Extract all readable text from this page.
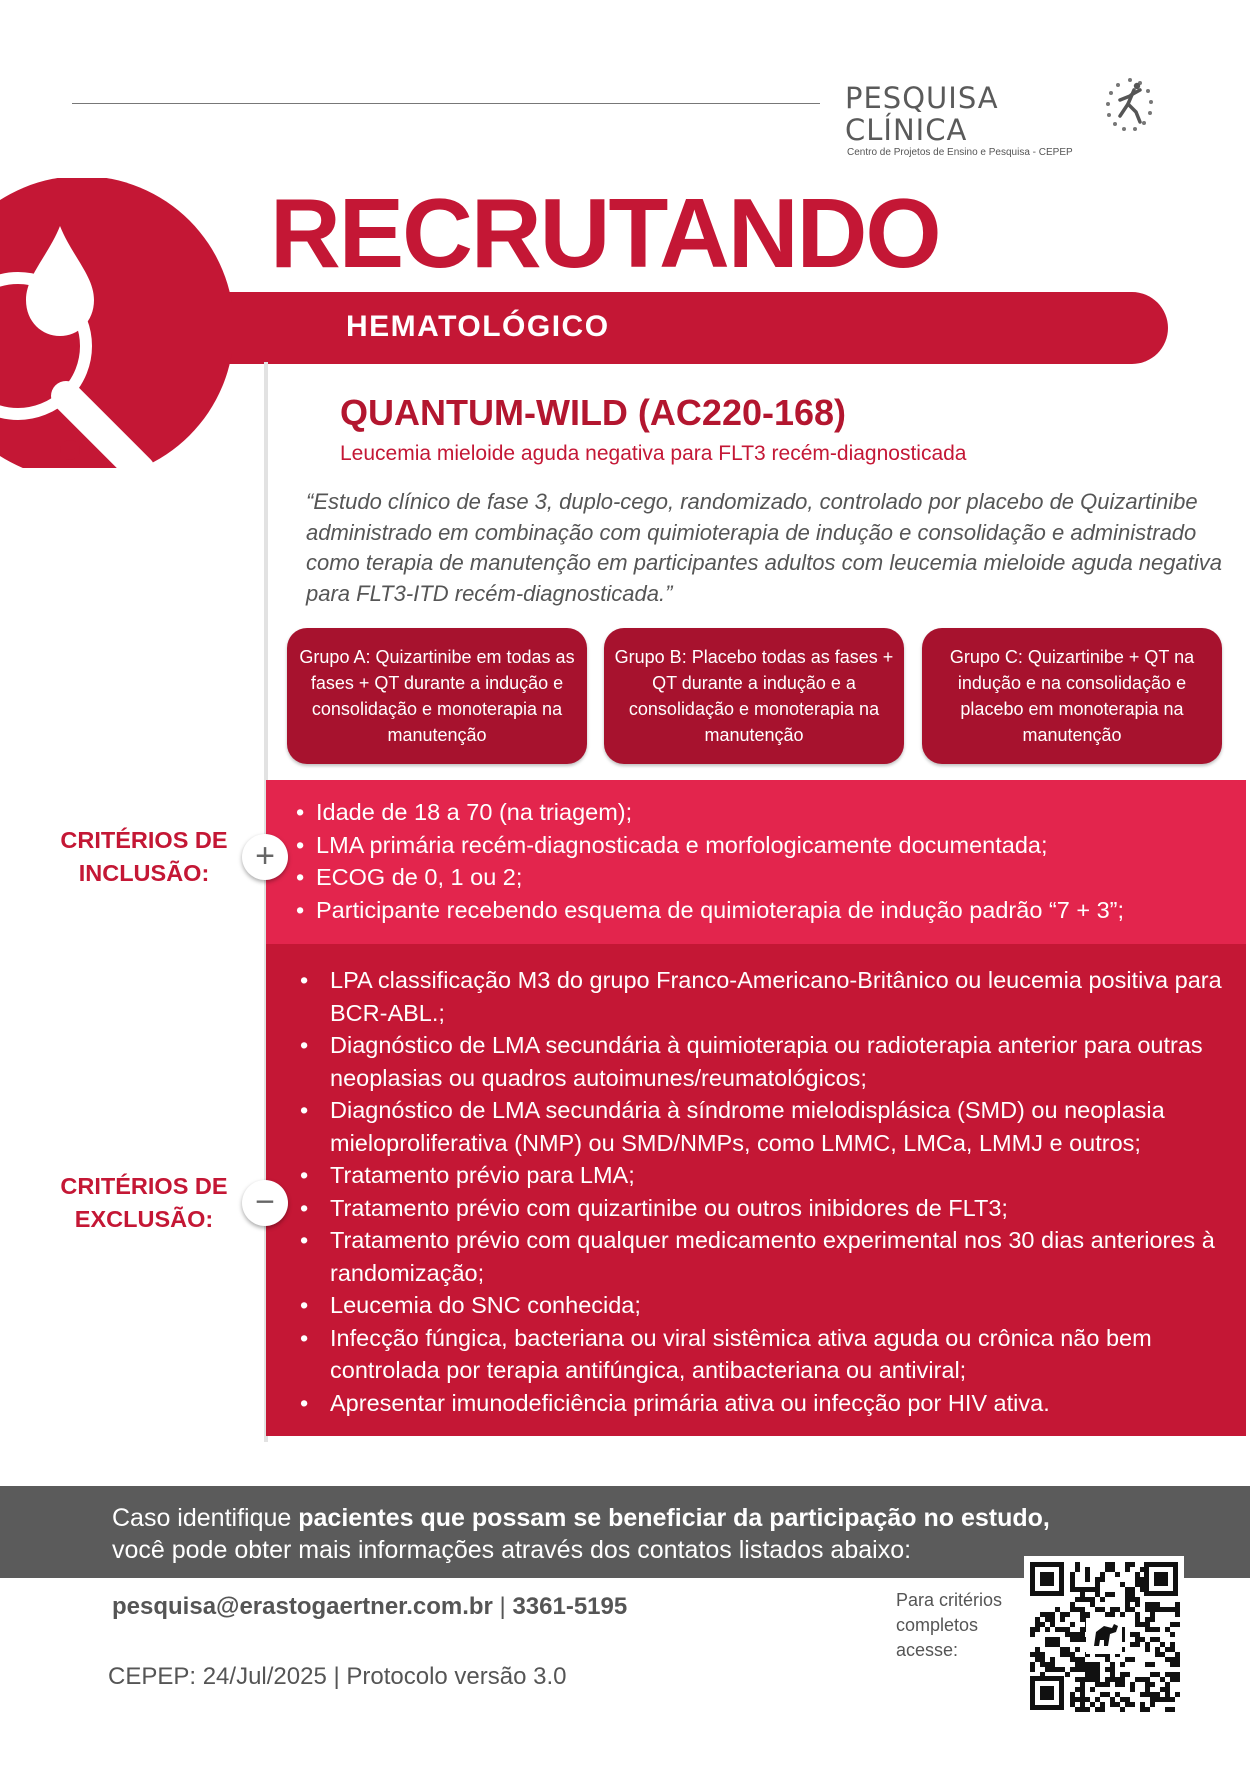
PESQUISA CLÍNICA
Centro de Projetos de Ensino e Pesquisa - CEPEP
RECRUTANDO
HEMATOLÓGICO
QUANTUM-WILD (AC220-168)
Leucemia mieloide aguda negativa para FLT3 recém-diagnosticada
“Estudo clínico de fase 3, duplo-cego, randomizado, controlado por placebo de Quizartinibe administrado em combinação com quimioterapia de indução e consolidação e administrado como terapia de manutenção em participantes adultos com leucemia mieloide aguda negativa para FLT3-ITD recém-diagnosticada.”
Grupo A: Quizartinibe em todas as fases + QT durante a indução e consolidação e monoterapia na manutenção
Grupo B: Placebo todas as fases + QT durante a indução e a consolidação e monoterapia na manutenção
Grupo C: Quizartinibe + QT na indução e na consolidação e placebo em monoterapia na manutenção
CRITÉRIOS DE INCLUSÃO:	+
• Idade de 18 a 70 (na triagem);
• LMA primária recém-diagnosticada e morfologicamente documentada;
• ECOG de 0, 1 ou 2;
• Participante recebendo esquema de quimioterapia de indução padrão “7 + 3”;
CRITÉRIOS DE EXCLUSÃO:	−
• LPA classificação M3 do grupo Franco-Americano-Britânico ou leucemia positiva para BCR-ABL.;
• Diagnóstico de LMA secundária à quimioterapia ou radioterapia anterior para outras neoplasias ou quadros autoimunes/reumatológicos;
• Diagnóstico de LMA secundária à síndrome mielodisplásica (SMD) ou neoplasia mieloproliferativa (NMP) ou SMD/NMPs, como LMMC, LMCa, LMMJ e outros;
• Tratamento prévio para LMA;
• Tratamento prévio com quizartinibe ou outros inibidores de FLT3;
• Tratamento prévio com qualquer medicamento experimental nos 30 dias anteriores à randomização;
• Leucemia do SNC conhecida;
• Infecção fúngica, bacteriana ou viral sistêmica ativa aguda ou crônica não bem controlada por terapia antifúngica, antibacteriana ou antiviral;
• Apresentar imunodeficiência primária ativa ou infecção por HIV ativa.
Caso identifique pacientes que possam se beneficiar da participação no estudo,
você pode obter mais informações através dos contatos listados abaixo:
pesquisa@erastogaertner.com.br | 3361-5195
CEPEP: 24/Jul/2025 | Protocolo versão 3.0
Para critérios completos acesse:
